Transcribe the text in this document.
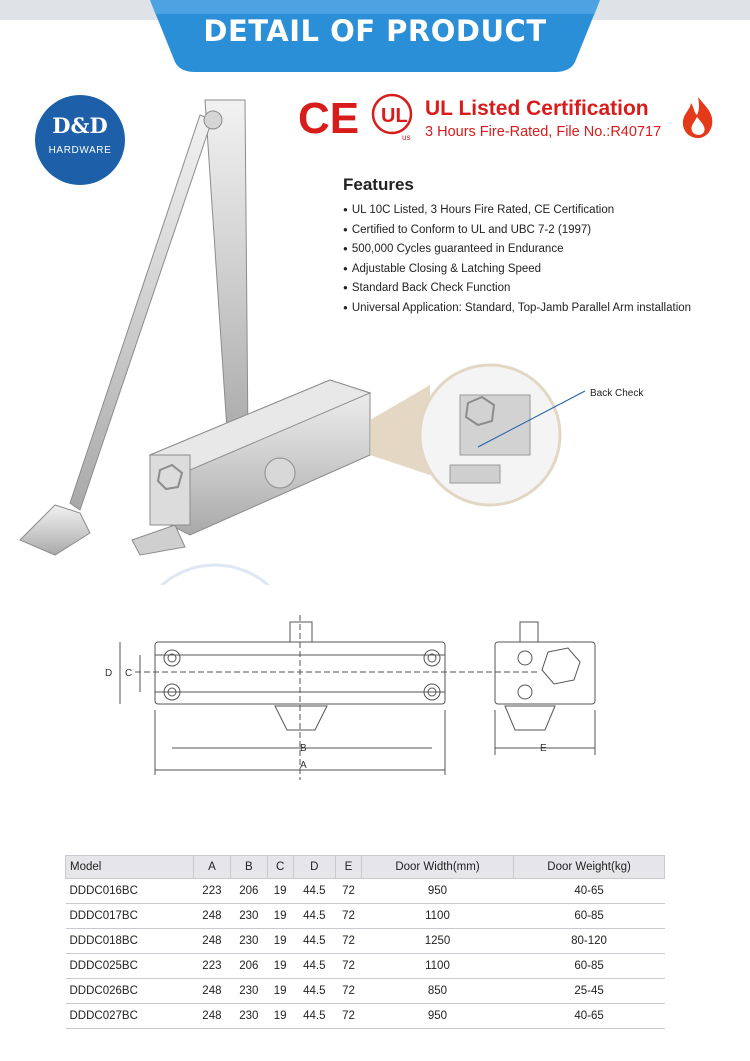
DETAIL OF PRODUCT
D&D
HARDWARE
CE UL
us
UL Listed Certification
3 Hours Fire-Rated, File No.:R40717
Features
● UL 10C Listed, 3 Hours Fire Rated, CE Certification
● Certified to Conform to UL and UBC 7-2 (1997)
● 500,000 Cycles guaranteed in Endurance
● Adjustable Closing & Latching Speed
● Standard Back Check Function
● Universal Application: Standard, Top-Jamb Parallel Arm installation
Back Check
B
A
D C
E
Model	A	B	C	D	E	Door Width(mm)	Door Weight(kg)
DDDC016BC	223	206	19	44.5	72	950	40-65
DDDC017BC	248	230	19	44.5	72	1100	60-85
DDDC018BC	248	230	19	44.5	72	1250	80-120
DDDC025BC	223	206	19	44.5	72	1100	60-85
DDDC026BC	248	230	19	44.5	72	850	25-45
DDDC027BC	248	230	19	44.5	72	950	40-65
